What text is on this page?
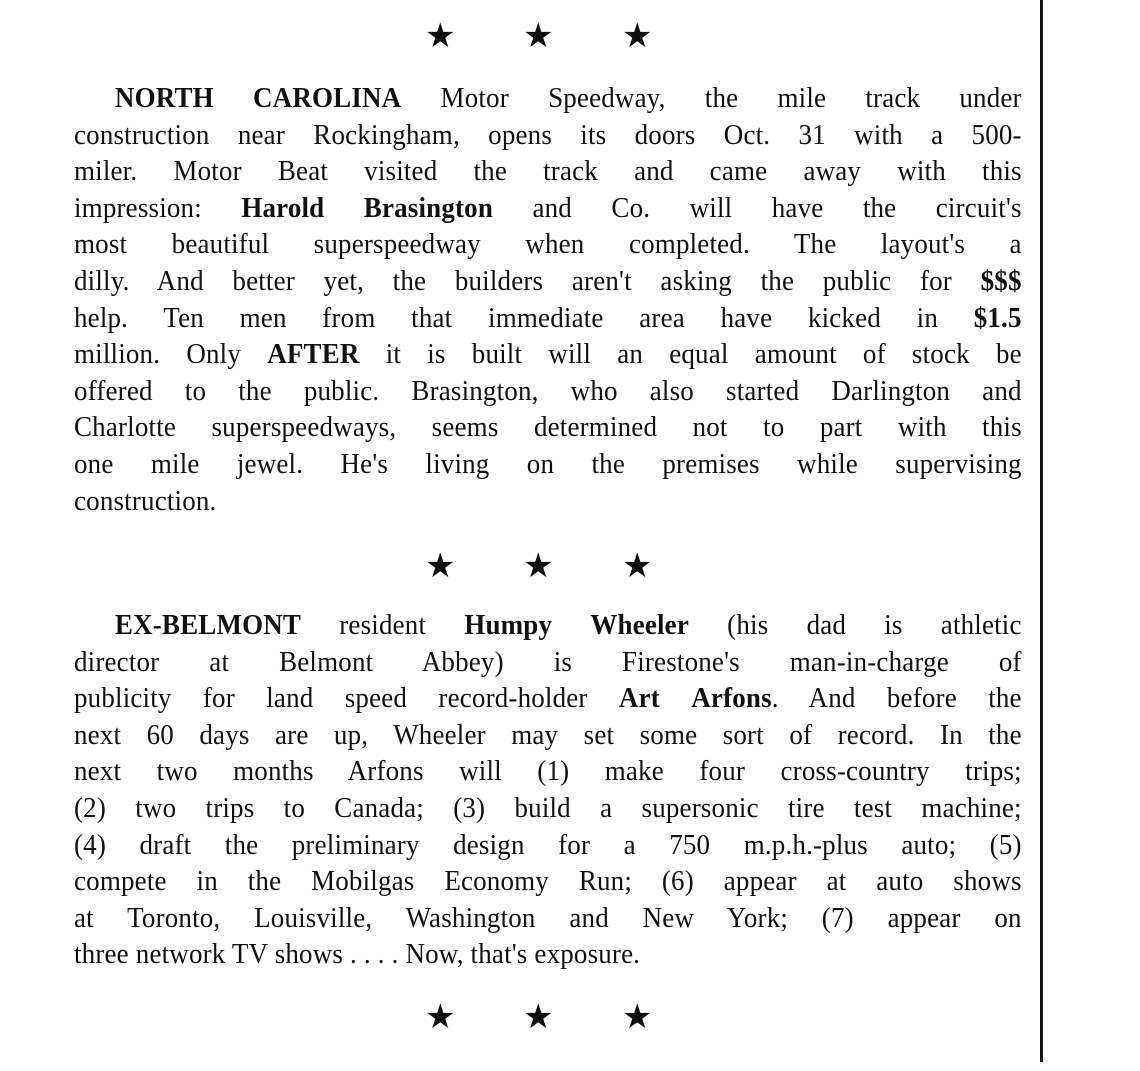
★ ★ ★
NORTH CAROLINA Motor Speedway, the mile track under
construction near Rockingham, opens its doors Oct. 31 with a 500-
miler. Motor Beat visited the track and came away with this
impression: Harold Brasington and Co. will have the circuit's
most beautiful superspeedway when completed. The layout's a
dilly. And better yet, the builders aren't asking the public for $$$
help. Ten men from that immediate area have kicked in $1.5
million. Only AFTER it is built will an equal amount of stock be
offered to the public. Brasington, who also started Darlington and
Charlotte superspeedways, seems determined not to part with this
one mile jewel. He's living on the premises while supervising
construction.
★ ★ ★
EX-BELMONT resident Humpy Wheeler (his dad is athletic
director at Belmont Abbey) is Firestone's man-in-charge of
publicity for land speed record-holder Art Arfons. And before the
next 60 days are up, Wheeler may set some sort of record. In the
next two months Arfons will (1) make four cross-country trips;
(2) two trips to Canada; (3) build a supersonic tire test machine;
(4) draft the preliminary design for a 750 m.p.h.-plus auto; (5)
compete in the Mobilgas Economy Run; (6) appear at auto shows
at Toronto, Louisville, Washington and New York; (7) appear on
three network TV shows . . . . Now, that's exposure.
★ ★ ★
